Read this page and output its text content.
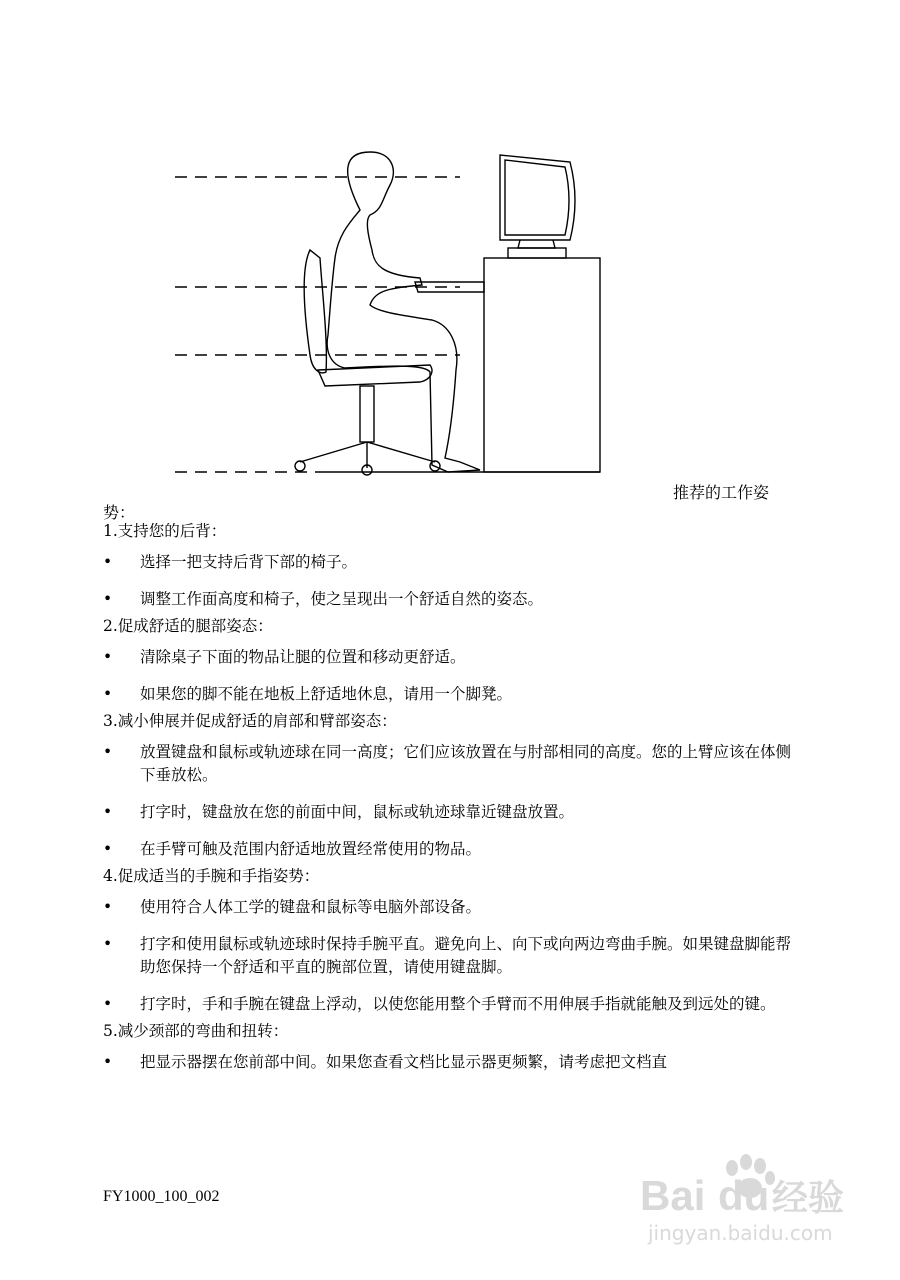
推荐的工作姿
势：
1.支持您的后背：
• 选择一把支持后背下部的椅子。
• 调整工作面高度和椅子，使之呈现出一个舒适自然的姿态。
2.促成舒适的腿部姿态：
• 清除桌子下面的物品让腿的位置和移动更舒适。
• 如果您的脚不能在地板上舒适地休息，请用一个脚凳。
3.减小伸展并促成舒适的肩部和臂部姿态：
• 放置键盘和鼠标或轨迹球在同一高度；它们应该放置在与肘部相同的高度。您的上臂应该在体侧下垂放松。
• 打字时，键盘放在您的前面中间，鼠标或轨迹球靠近键盘放置。
• 在手臂可触及范围内舒适地放置经常使用的物品。
4.促成适当的手腕和手指姿势：
• 使用符合人体工学的键盘和鼠标等电脑外部设备。
• 打字和使用鼠标或轨迹球时保持手腕平直。避免向上、向下或向两边弯曲手腕。如果键盘脚能帮助您保持一个舒适和平直的腕部位置，请使用键盘脚。
• 打字时，手和手腕在键盘上浮动，以使您能用整个手臂而不用伸展手指就能触及到远处的键。
5.减少颈部的弯曲和扭转：
• 把显示器摆在您前部中间。如果您查看文档比显示器更频繁，请考虑把文档直
FY1000_100_002	Bai du 经验
jingyan.baidu.com
